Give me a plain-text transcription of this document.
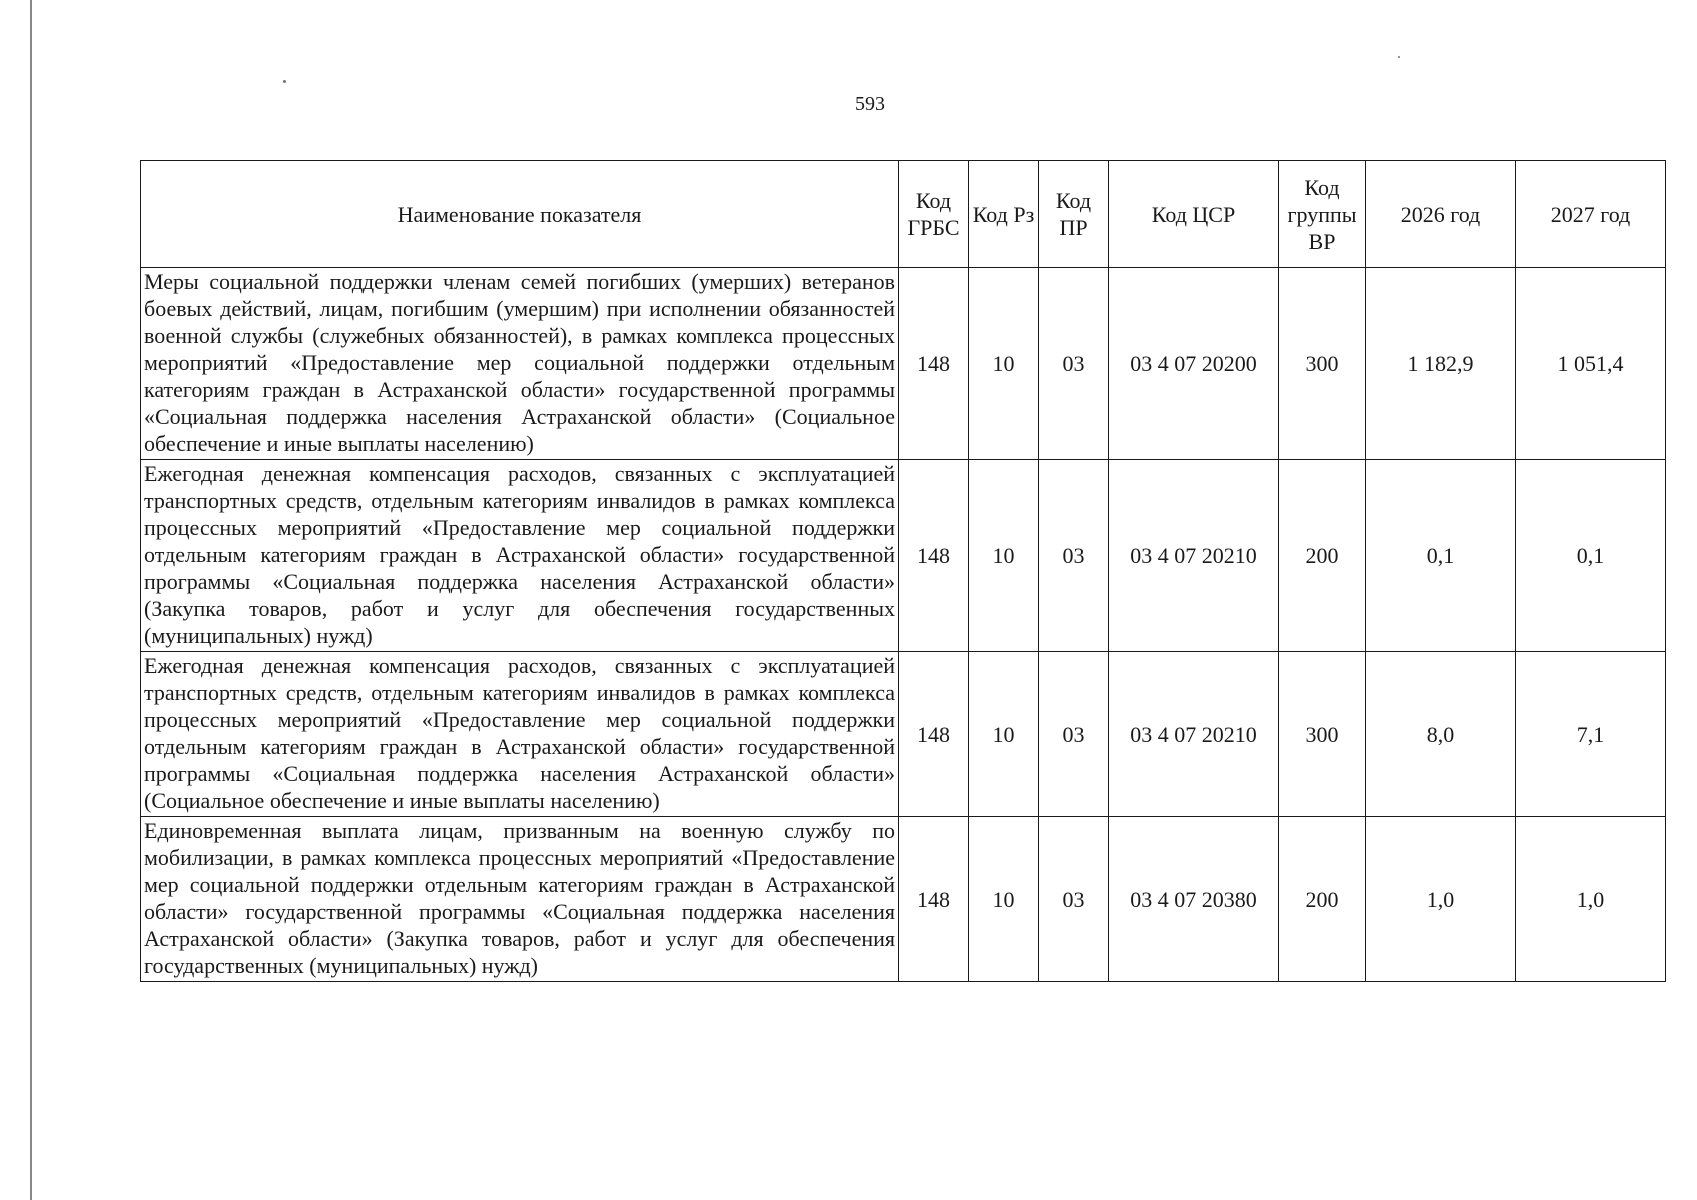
593
Наименование показателя	Код ГРБС	Код Рз	Код ПР	Код ЦСР	Код группы ВР	2026 год	2027 год
Меры социальной поддержки членам семей погибших (умерших) ветеранов боевых действий, лицам, погибшим (умершим) при исполнении обязанностей военной службы (служебных обязанностей), в рамках комплекса процессных мероприятий «Предоставление мер социальной поддержки отдельным категориям граждан в Астраханской области» государственной программы «Социальная поддержка населения Астраханской области» (Социальное обеспечение и иные выплаты населению)	148	10	03	03 4 07 20200	300	1 182,9	1 051,4
Ежегодная денежная компенсация расходов, связанных с эксплуатацией транспортных средств, отдельным категориям инвалидов в рамках комплекса процессных мероприятий «Предоставление мер социальной поддержки отдельным категориям граждан в Астраханской области» государственной программы «Социальная поддержка населения Астраханской области» (Закупка товаров, работ и услуг для обеспечения государственных (муниципальных) нужд)	148	10	03	03 4 07 20210	200	0,1	0,1
Ежегодная денежная компенсация расходов, связанных с эксплуатацией транспортных средств, отдельным категориям инвалидов в рамках комплекса процессных мероприятий «Предоставление мер социальной поддержки отдельным категориям граждан в Астраханской области» государственной программы «Социальная поддержка населения Астраханской области» (Социальное обеспечение и иные выплаты населению)	148	10	03	03 4 07 20210	300	8,0	7,1
Единовременная выплата лицам, призванным на военную службу по мобилизации, в рамках комплекса процессных мероприятий «Предоставление мер социальной поддержки отдельным категориям граждан в Астраханской области» государственной программы «Социальная поддержка населения Астраханской области» (Закупка товаров, работ и услуг для обеспечения государственных (муниципальных) нужд)	148	10	03	03 4 07 20380	200	1,0	1,0
